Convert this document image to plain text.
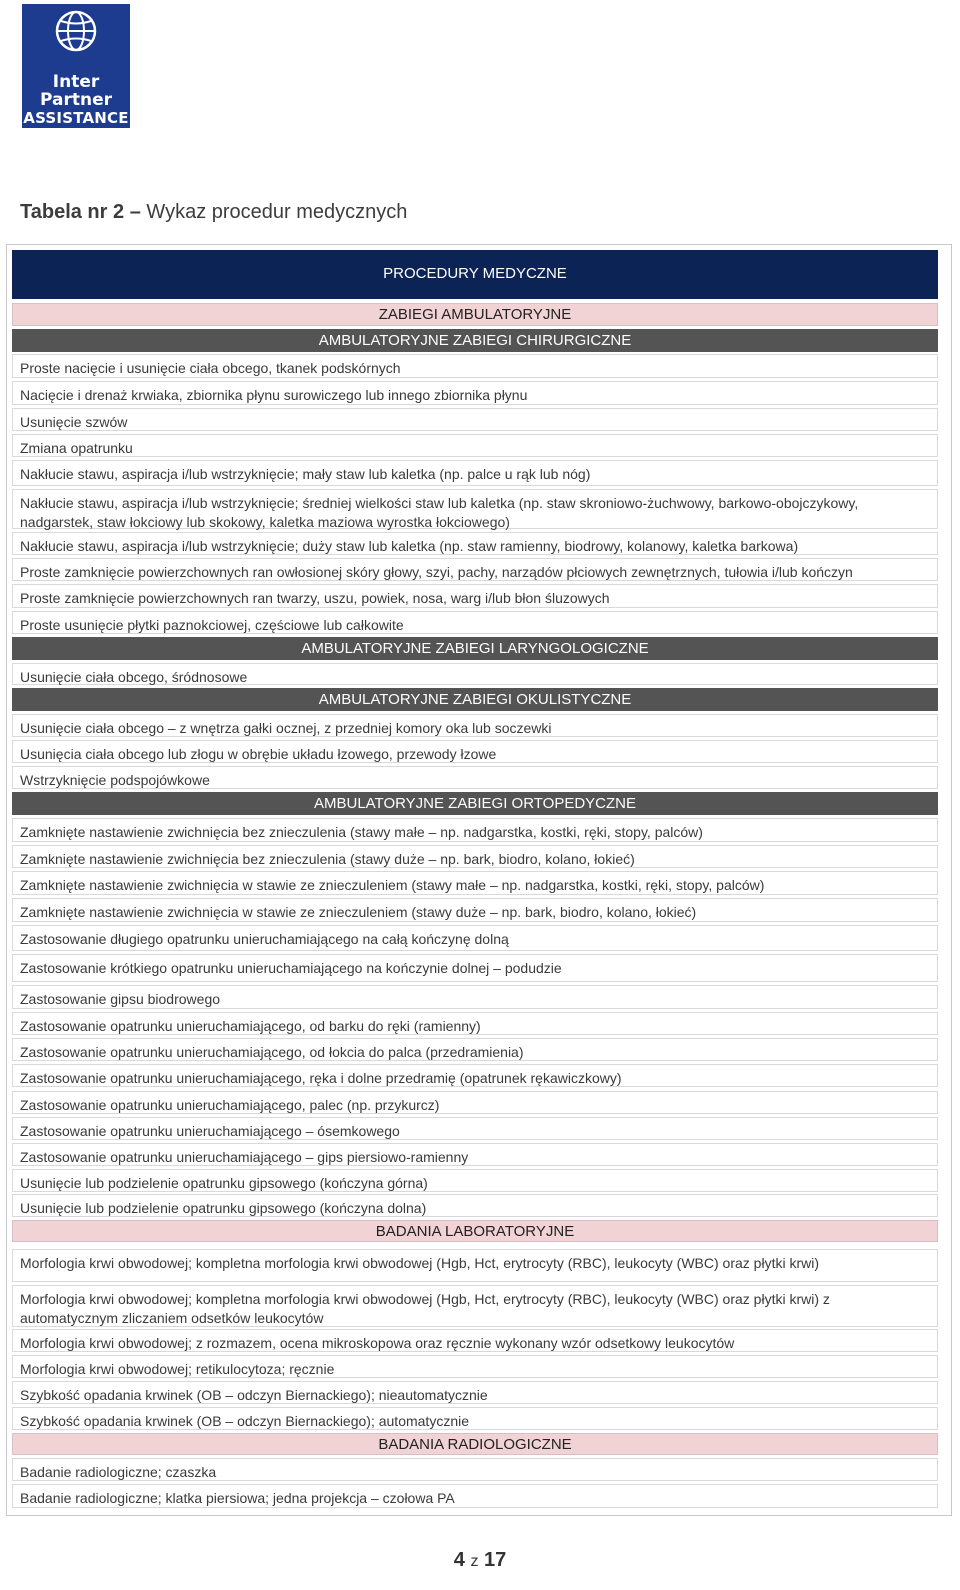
Inter
Partner
ASSISTANCE
Tabela nr 2 – Wykaz procedur medycznych
PROCEDURY MEDYCZNE
ZABIEGI AMBULATORYJNE
AMBULATORYJNE ZABIEGI CHIRURGICZNE
Proste nacięcie i usunięcie ciała obcego, tkanek podskórnych
Nacięcie i drenaż krwiaka, zbiornika płynu surowiczego lub innego zbiornika płynu
Usunięcie szwów
Zmiana opatrunku
Nakłucie stawu, aspiracja i/lub wstrzyknięcie; mały staw lub kaletka (np. palce u rąk lub nóg)
Nakłucie stawu, aspiracja i/lub wstrzyknięcie; średniej wielkości staw lub kaletka (np. staw skroniowo-żuchwowy, barkowo-obojczykowy, nadgarstek, staw łokciowy lub skokowy, kaletka maziowa wyrostka łokciowego)
Nakłucie stawu, aspiracja i/lub wstrzyknięcie; duży staw lub kaletka (np. staw ramienny, biodrowy, kolanowy, kaletka barkowa)
Proste zamknięcie powierzchownych ran owłosionej skóry głowy, szyi, pachy, narządów płciowych zewnętrznych, tułowia i/lub kończyn
Proste zamknięcie powierzchownych ran twarzy, uszu, powiek, nosa, warg i/lub błon śluzowych
Proste usunięcie płytki paznokciowej, częściowe lub całkowite
AMBULATORYJNE ZABIEGI LARYNGOLOGICZNE
Usunięcie ciała obcego, śródnosowe
AMBULATORYJNE ZABIEGI OKULISTYCZNE
Usunięcie ciała obcego – z wnętrza gałki ocznej, z przedniej komory oka lub soczewki
Usunięcia ciała obcego lub złogu w obrębie układu łzowego, przewody łzowe
Wstrzyknięcie podspojówkowe
AMBULATORYJNE ZABIEGI ORTOPEDYCZNE
Zamknięte nastawienie zwichnięcia bez znieczulenia (stawy małe – np. nadgarstka, kostki, ręki, stopy, palców)
Zamknięte nastawienie zwichnięcia bez znieczulenia (stawy duże – np. bark, biodro, kolano, łokieć)
Zamknięte nastawienie zwichnięcia w stawie ze znieczuleniem (stawy małe – np. nadgarstka, kostki, ręki, stopy, palców)
Zamknięte nastawienie zwichnięcia w stawie ze znieczuleniem (stawy duże – np. bark, biodro, kolano, łokieć)
Zastosowanie długiego opatrunku unieruchamiającego na całą kończynę dolną
Zastosowanie krótkiego opatrunku unieruchamiającego na kończynie dolnej – podudzie
Zastosowanie gipsu biodrowego
Zastosowanie opatrunku unieruchamiającego, od barku do ręki (ramienny)
Zastosowanie opatrunku unieruchamiającego, od łokcia do palca (przedramienia)
Zastosowanie opatrunku unieruchamiającego, ręka i dolne przedramię (opatrunek rękawiczkowy)
Zastosowanie opatrunku unieruchamiającego, palec (np. przykurcz)
Zastosowanie opatrunku unieruchamiającego – ósemkowego
Zastosowanie opatrunku unieruchamiającego – gips piersiowo-ramienny
Usunięcie lub podzielenie opatrunku gipsowego (kończyna górna)
Usunięcie lub podzielenie opatrunku gipsowego (kończyna dolna)
BADANIA LABORATORYJNE
Morfologia krwi obwodowej; kompletna morfologia krwi obwodowej (Hgb, Hct, erytrocyty (RBC), leukocyty (WBC) oraz płytki krwi)
Morfologia krwi obwodowej; kompletna morfologia krwi obwodowej (Hgb, Hct, erytrocyty (RBC), leukocyty (WBC) oraz płytki krwi) z automatycznym zliczaniem odsetków leukocytów
Morfologia krwi obwodowej; z rozmazem, ocena mikroskopowa oraz ręcznie wykonany wzór odsetkowy leukocytów
Morfologia krwi obwodowej; retikulocytoza; ręcznie
Szybkość opadania krwinek (OB – odczyn Biernackiego); nieautomatycznie
Szybkość opadania krwinek (OB – odczyn Biernackiego); automatycznie
BADANIA RADIOLOGICZNE
Badanie radiologiczne; czaszka
Badanie radiologiczne; klatka piersiowa; jedna projekcja – czołowa PA
4 z 17
